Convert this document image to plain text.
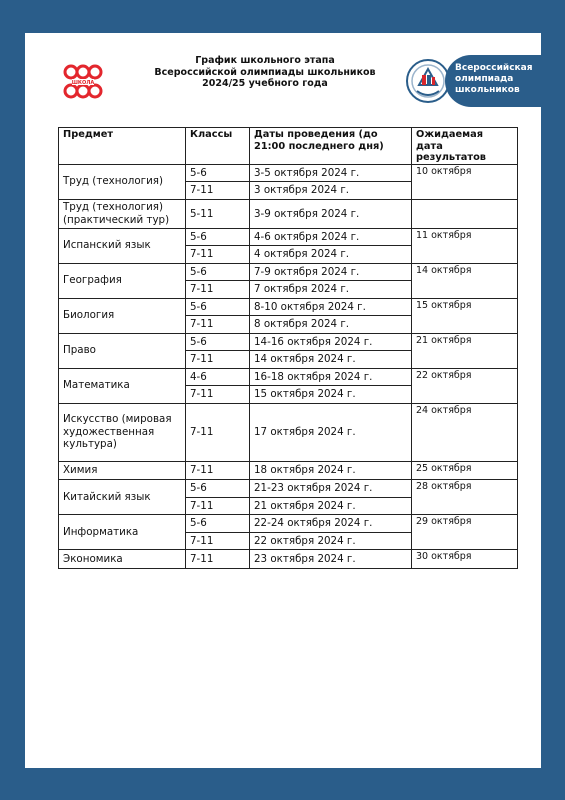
ШКОЛА
График школьного этапа
Всероссийской олимпиады школьников
2024/25 учебного года
Всероссийская
олимпиада
школьников
Предмет	Классы	Даты проведения (до 21:00 последнего дня)	Ожидаемая дата результатов
Труд (технология)	5-6	3-5 октября 2024 г.	10 октября
	7-11	3 октября 2024 г.	
Труд (технология) (практический тур)	5-11	3-9 октября 2024 г.	
Испанский язык	5-6	4-6 октября 2024 г.	11 октября
	7-11	4 октября 2024 г.	
География	5-6	7-9 октября 2024 г.	14 октября
	7-11	7 октября 2024 г.	
Биология	5-6	8-10 октября 2024 г.	15 октября
	7-11	8 октября 2024 г.	
Право	5-6	14-16 октября 2024 г.	21 октября
	7-11	14 октября 2024 г.	
Математика	4-6	16-18 октября 2024 г.	22 октября
	7-11	15 октября 2024 г.	
Искусство (мировая художественная культура)	7-11	17 октября 2024 г.	24 октября
Химия	7-11	18 октября 2024 г.	25 октября
Китайский язык	5-6	21-23 октября 2024 г.	28 октября
	7-11	21 октября 2024 г.	
Информатика	5-6	22-24 октября 2024 г.	29 октября
	7-11	22 октября 2024 г.	
Экономика	7-11	23 октября 2024 г.	30 октября
